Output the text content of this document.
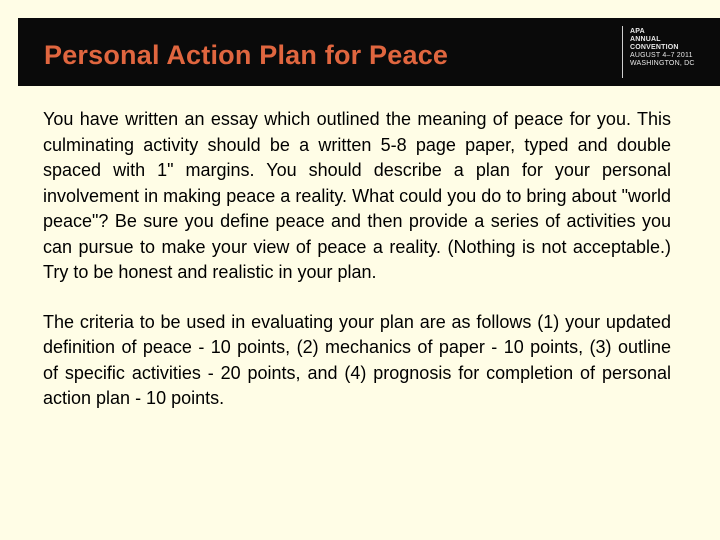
Personal Action Plan for Peace
APA
ANNUAL
CONVENTION
AUGUST 4–7 2011
WASHINGTON, DC

You have written an essay which outlined the meaning of peace for you. This culminating activity should be a written 5-8 page paper, typed and double spaced with 1" margins. You should describe a plan for your personal involvement in making peace a reality. What could you do to bring about "world peace"? Be sure you define peace and then provide a series of activities you can pursue to make your view of peace a reality. (Nothing is not acceptable.) Try to be honest and realistic in your plan.

The criteria to be used in evaluating your plan are as follows (1) your updated definition of peace - 10 points, (2) mechanics of paper - 10 points, (3) outline of specific activities - 20 points, and (4) prognosis for completion of personal action plan - 10 points.
